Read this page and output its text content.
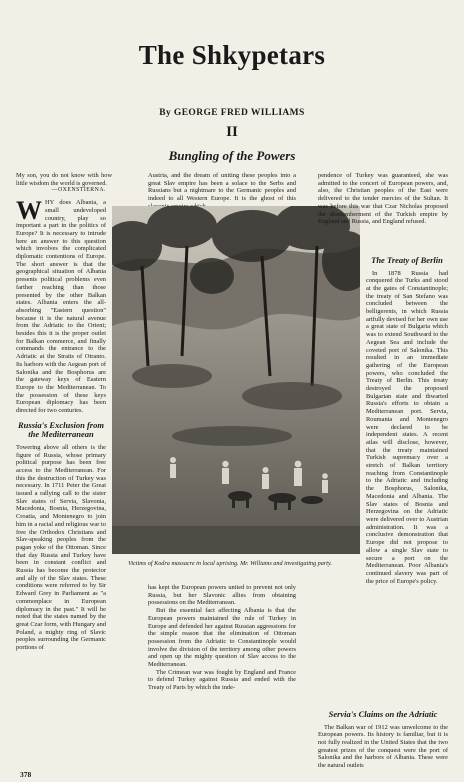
The Shkypetars
By GEORGE FRED WILLIAMS
II
Bungling of the Powers

My son, you do not know with how little wisdom the world is governed.

—OXENSTIERNA.

WHY does Albania, a small undeveloped country, play so important a part in the politics of Europe? It is necessary to intrude here an answer to this question which involves the complicated diplomatic contentions of Europe. The short answer is that the geographical situation of Albania presents political problems even farther reaching than those presented by the other Balkan states. Albania enters the all-absorbing "Eastern question" because it is the natural avenue from the Adriatic to the Orient; besides this it is the proper outlet for Balkan commerce, and finally commands the entrance to the Adriatic at the Straits of Otranto. Its harbors with the Aegean port of Salonika and the Bosphorus are the gateway keys of Eastern Europe to the Mediterranean. To the possession of these keys European diplomacy has been directed for two centuries.

Russia's Exclusion from the Mediterranean

Towering above all others is the figure of Russia, whose primary political purpose has been free access to the Mediterranean. For this the destruction of Turkey was necessary. In 1711 Peter the Great issued a rallying call to the sister Slav states of Servia, Slavonia, Macedonia, Bosnia, Herzegovina, Croatia, and Montenegro to join him in a racial and religious war to free the Orthodox Christians and Slav-speaking peoples from the pagan yoke of the Ottoman. Since that day Russia and Turkey have been in constant conflict and Russia has become the protector and ally of the Slav states. These conditions were referred to by Sir Edward Grey in Parliament as "a commonplace in European diplomacy in the past." It will be noted that the states named by the great Czar form, with Hungary and Poland, a mighty ring of Slavic peoples surrounding the Germanic portions of

Austria, and the dream of uniting these peoples into a great Slav empire has been a solace to the Serbs and Russians but a nightmare to the Germanic peoples and indeed to all Western Europe. It is the ghost of this

Victims of Kodra massacre in local uprising. Mr. Williams and investigating party.

has kept the European powers united to prevent not only Russia, but her Slavonic allies from obtaining possessions on the Mediterranean.

But the essential fact affecting Albania is that the European powers maintained the rule of Turkey in Europe and defended her against Russian aggressions for the simple reason that the elimination of Ottoman possession from the Adriatic to Constantinople would involve the division of the territory among other powers and open up the mighty question of Slav access to the Mediterranean.

The Crimean war was fought by England and France to defend Turkey against Russia and ended with the Treaty of Paris by which the inde-

pendence of Turkey was guaranteed, she was admitted to the concert of European powers, and, also, the Christian peoples of the East were delivered to the tender mercies of the Sultan. It was before this war that Czar Nicholas proposed the dismemberment of the Turkish empire by England and Russia, and England refused.

The Treaty of Berlin

In 1878 Russia had conquered the Turks and stood at the gates of Constantinople; the treaty of San Stefano was concluded between the belligerents, in which Russia artfully devised for her own use a great state of Bulgaria which was to extend Southward to the Aegean Sea and include the coveted port of Salonika. This resulted in an immediate gathering of the European powers, who concluded the Treaty of Berlin. This treaty destroyed the proposed Bulgarian state and thwarted Russia's efforts to obtain a Mediterranean port. Servia, Roumania and Montenegro were declared to be independent states. A recent atlas will disclose, however, that the treaty maintained Turkish supremacy over a stretch of Balkan territory reaching from Constantinople to the Adriatic and including the Bosphorus, Salonika, Macedonia and Albania. The Slav states of Bosnia and Herzegovina on the Adriatic were delivered over to Austrian administration. It was a conclusive demonstration that Europe did not propose to allow a single Slav state to secure a port on the Mediterranean. Poor Albania's continued slavery was part of the price of Europe's policy.

Servia's Claims on the Adriatic

The Balkan war of 1912 was unwelcome to the European powers. Its history is familiar, but it is not fully realized in the United States that the two greatest prizes of the conquest were the port of Salonika and the harbors of Albania. These were the natural outlets

378
